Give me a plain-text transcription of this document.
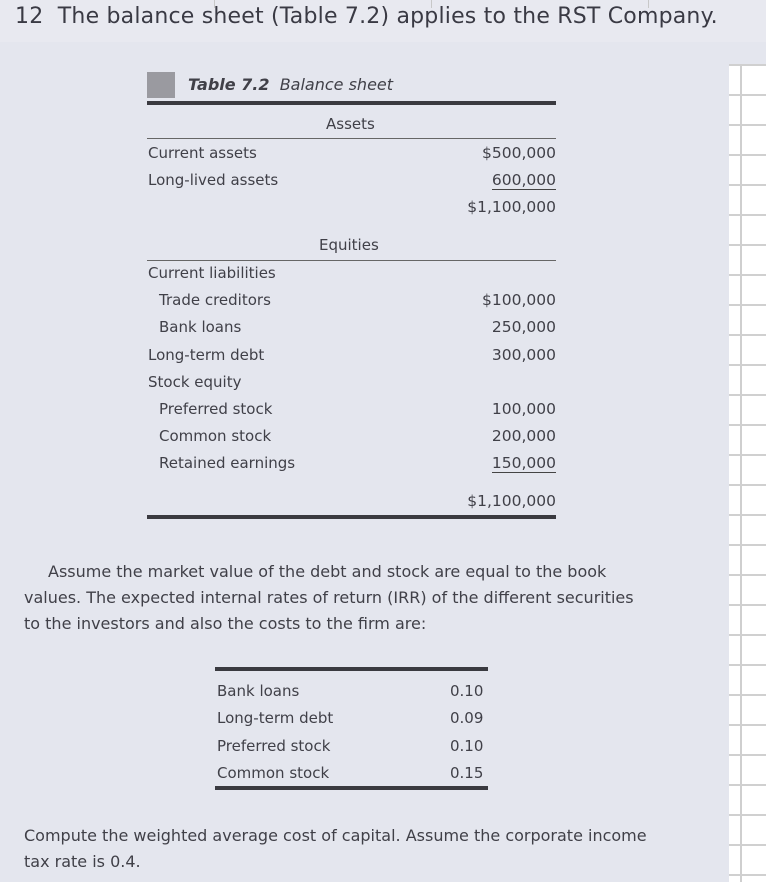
12 The balance sheet (Table 7.2) applies to the RST Company.
Table 7.2 Balance sheet
Assets
Current assets	$500,000
Long-lived assets	600,000
$1,100,000
Equities
Current liabilities
Trade creditors	$100,000
Bank loans	250,000
Long-term debt	300,000
Stock equity
Preferred stock	100,000
Common stock	200,000
Retained earnings	150,000
$1,100,000
Assume the market value of the debt and stock are equal to the book
values. The expected internal rates of return (IRR) of the different securities
to the investors and also the costs to the firm are:
Bank loans	0.10
Long-term debt	0.09
Preferred stock	0.10
Common stock	0.15
Compute the weighted average cost of capital. Assume the corporate income
tax rate is 0.4.
